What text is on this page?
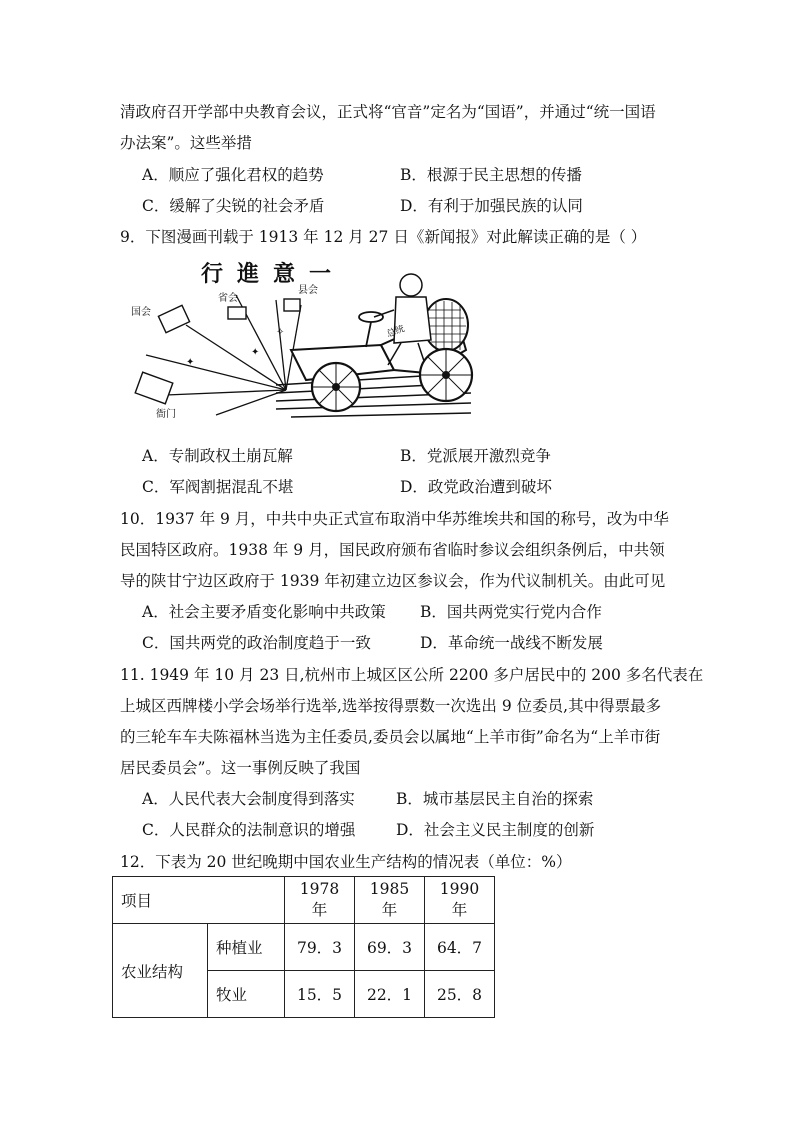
清政府召开学部中央教育会议，正式将“官音”定名为“国语”，并通过“统一国语
办法案”。这些举措
A．顺应了强化君权的趋势	B．根源于民主思想的传播
C．缓解了尖锐的社会矛盾	D．有利于加强民族的认同
9．下图漫画刊载于 1913 年 12 月 27 日《新闻报》对此解读正确的是（ ）
行進意一
国会
省会
县会
衙门
✦
✧
✦
总统
A．专制政权土崩瓦解	B．党派展开激烈竞争
C．军阀割据混乱不堪	D．政党政治遭到破坏
10．1937 年 9 月，中共中央正式宣布取消中华苏维埃共和国的称号，改为中华
民国特区政府。1938 年 9 月，国民政府颁布省临时参议会组织条例后，中共领
导的陕甘宁边区政府于 1939 年初建立边区参议会，作为代议制机关。由此可见
A．社会主要矛盾变化影响中共政策 B．国共两党实行党内合作
C．国共两党的政治制度趋于一致	D．革命统一战线不断发展
11. 1949 年 10 月 23 日,杭州市上城区区公所 2200 多户居民中的 200 多名代表在
上城区西牌楼小学会场举行选举,选举按得票数一次选出 9 位委员,其中得票最多
的三轮车车夫陈福林当选为主任委员,委员会以属地“上羊市街”命名为“上羊市街
居民委员会”。这一事例反映了我国
A．人民代表大会制度得到落实	B．城市基层民主自治的探索
C．人民群众的法制意识的增强	D．社会主义民主制度的创新
12．下表为 20 世纪晚期中国农业生产结构的情况表（单位：%）
项目		1978 年	1985 年	1990 年
农业结构	种植业	79．3	69．3	64．7
	牧业	15．5	22．1	25．8
